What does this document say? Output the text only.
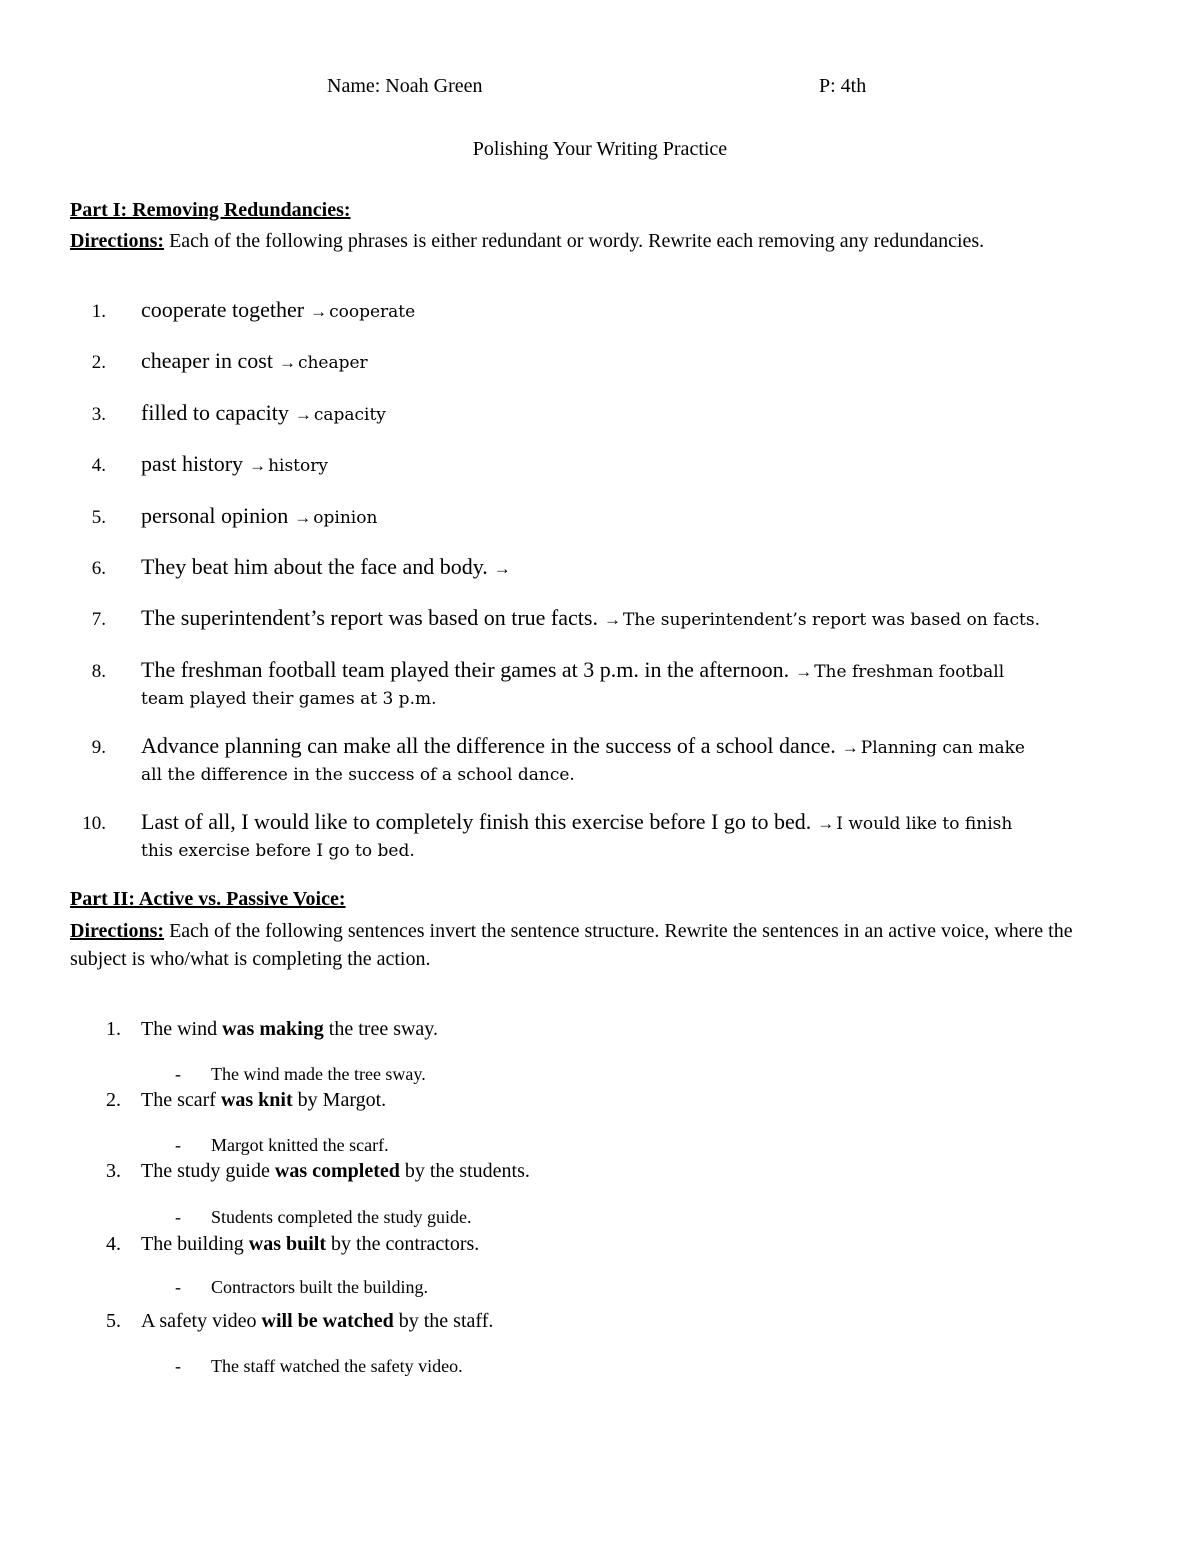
Name: Noah Green	P: 4th
Polishing Your Writing Practice
Part I: Removing Redundancies:
Directions: Each of the following phrases is either redundant or wordy. Rewrite each removing any redundancies.
1. cooperate together → cooperate
2. cheaper in cost → cheaper
3. filled to capacity → capacity
4. past history → history
5. personal opinion → opinion
6. They beat him about the face and body. →
7. The superintendent’s report was based on true facts. → The superintendent’s report was based on facts.
8. The freshman football team played their games at 3 p.m. in the afternoon. → The freshman football
team played their games at 3 p.m.
9. Advance planning can make all the difference in the success of a school dance. → Planning can make
all the difference in the success of a school dance.
10. Last of all, I would like to completely finish this exercise before I go to bed. → I would like to finish
this exercise before I go to bed.
Part II: Active vs. Passive Voice:
Directions: Each of the following sentences invert the sentence structure. Rewrite the sentences in an active voice, where the subject is who/what is completing the action.
1. The wind was making the tree sway.
- The wind made the tree sway.
2. The scarf was knit by Margot.
- Margot knitted the scarf.
3. The study guide was completed by the students.
- Students completed the study guide.
4. The building was built by the contractors.
- Contractors built the building.
5. A safety video will be watched by the staff.
- The staff watched the safety video.
